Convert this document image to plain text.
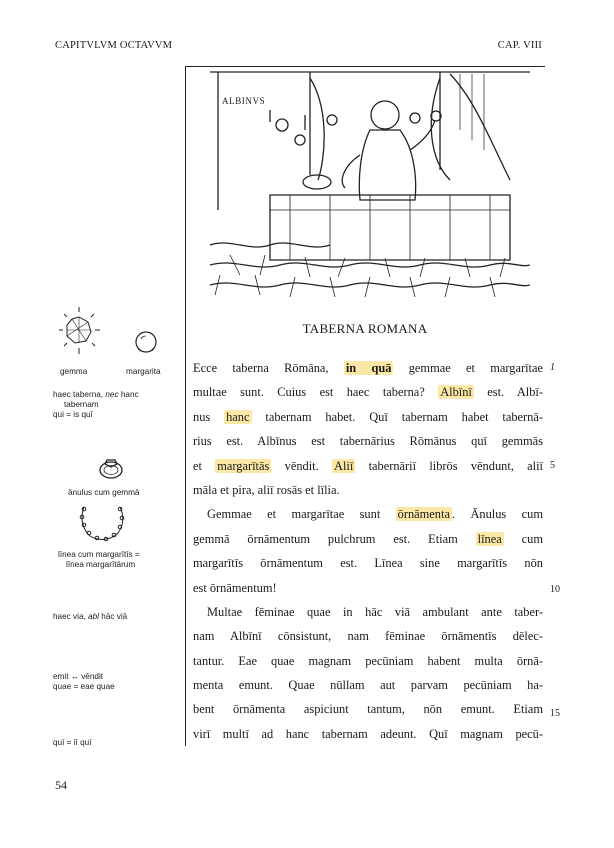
CAPITVLVM OCTAVVM	CAP. VIII
ALBINVS
TABERNA ROMANA
Ecce taberna Rōmāna, in quā gemmae et margarītae
multae sunt. Cuius est haec taberna? Albīnī est. Albī-
nus hanc tabernam habet. Quī tabernam habet tabernā-
rius est. Albīnus est tabernārius Rōmānus quī gemmās
et margarītās vēndit. Aliī tabernāriī librōs vēndunt, aliī
māla et pira, aliī rosās et līlia.
Gemmae et margarītae sunt ōrnāmenta . Ānulus cum
gemmā ōrnāmentum pulchrum est. Etiam līnea cum
margarītīs ōrnāmentum est. Līnea sine margarītīs nōn
est ōrnāmentum!
Multae fēminae quae in hāc viā ambulant ante taber-
nam Albīnī cōnsistunt, nam fēminae ōrnāmentīs dēlec-
tantur. Eae quae magnam pecūniam habent multa ōrnā-
menta emunt. Quae nūllam aut parvam pecūniam ha-
bent ōrnāmenta aspiciunt tantum, nōn emunt. Etiam
virī multī ad hanc tabernam adeunt. Quī magnam pecū-
1
5
10
15
gemma	margarita
haec taberna, nec hanc
tabernam
qui = is quī
ānulus cum gemmā
līnea cum margarītīs =
līnea margarītārum
haec via, abl hāc viā
emit ↔ vēndit
quae = eae quae
quī = iī quī
54
